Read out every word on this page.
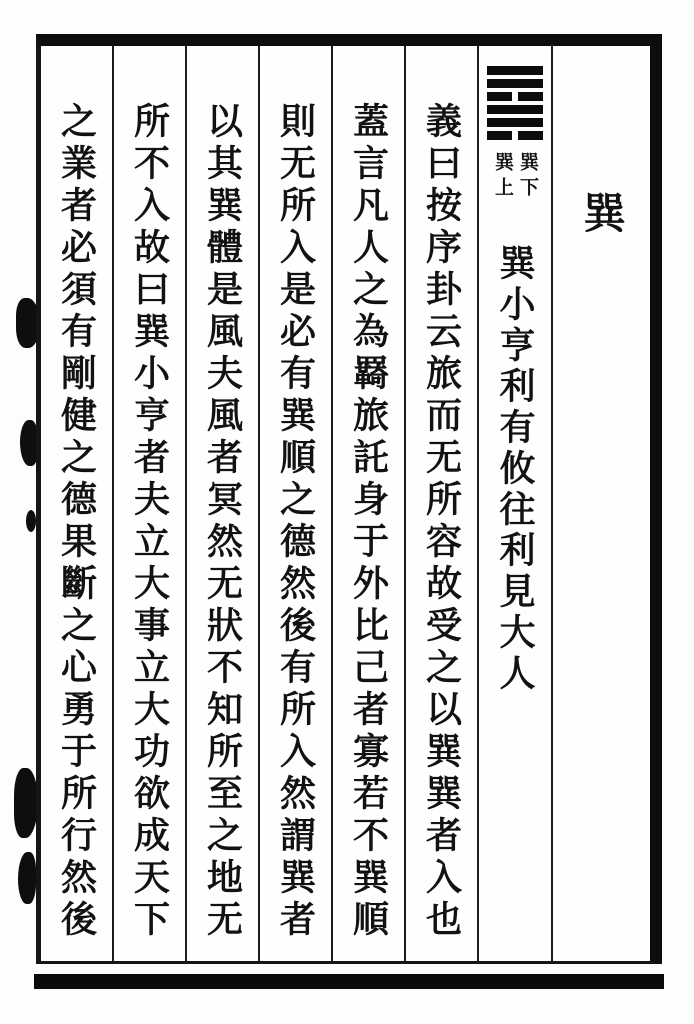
巽
巽下
巽上
巽小亨利有攸往利見大人
義曰按序卦云旅而无所容故受之以巽巽者入也
蓋言凡人之為羇旅託身于外比己者寡若不巽順
則无所入是必有巽順之德然後有所入然謂巽者
以其巽體是風夫風者冥然无狀不知所至之地无
所不入故曰巽小亨者夫立大事立大功欲成天下
之業者必須有剛健之德果斷之心勇于所行然後
